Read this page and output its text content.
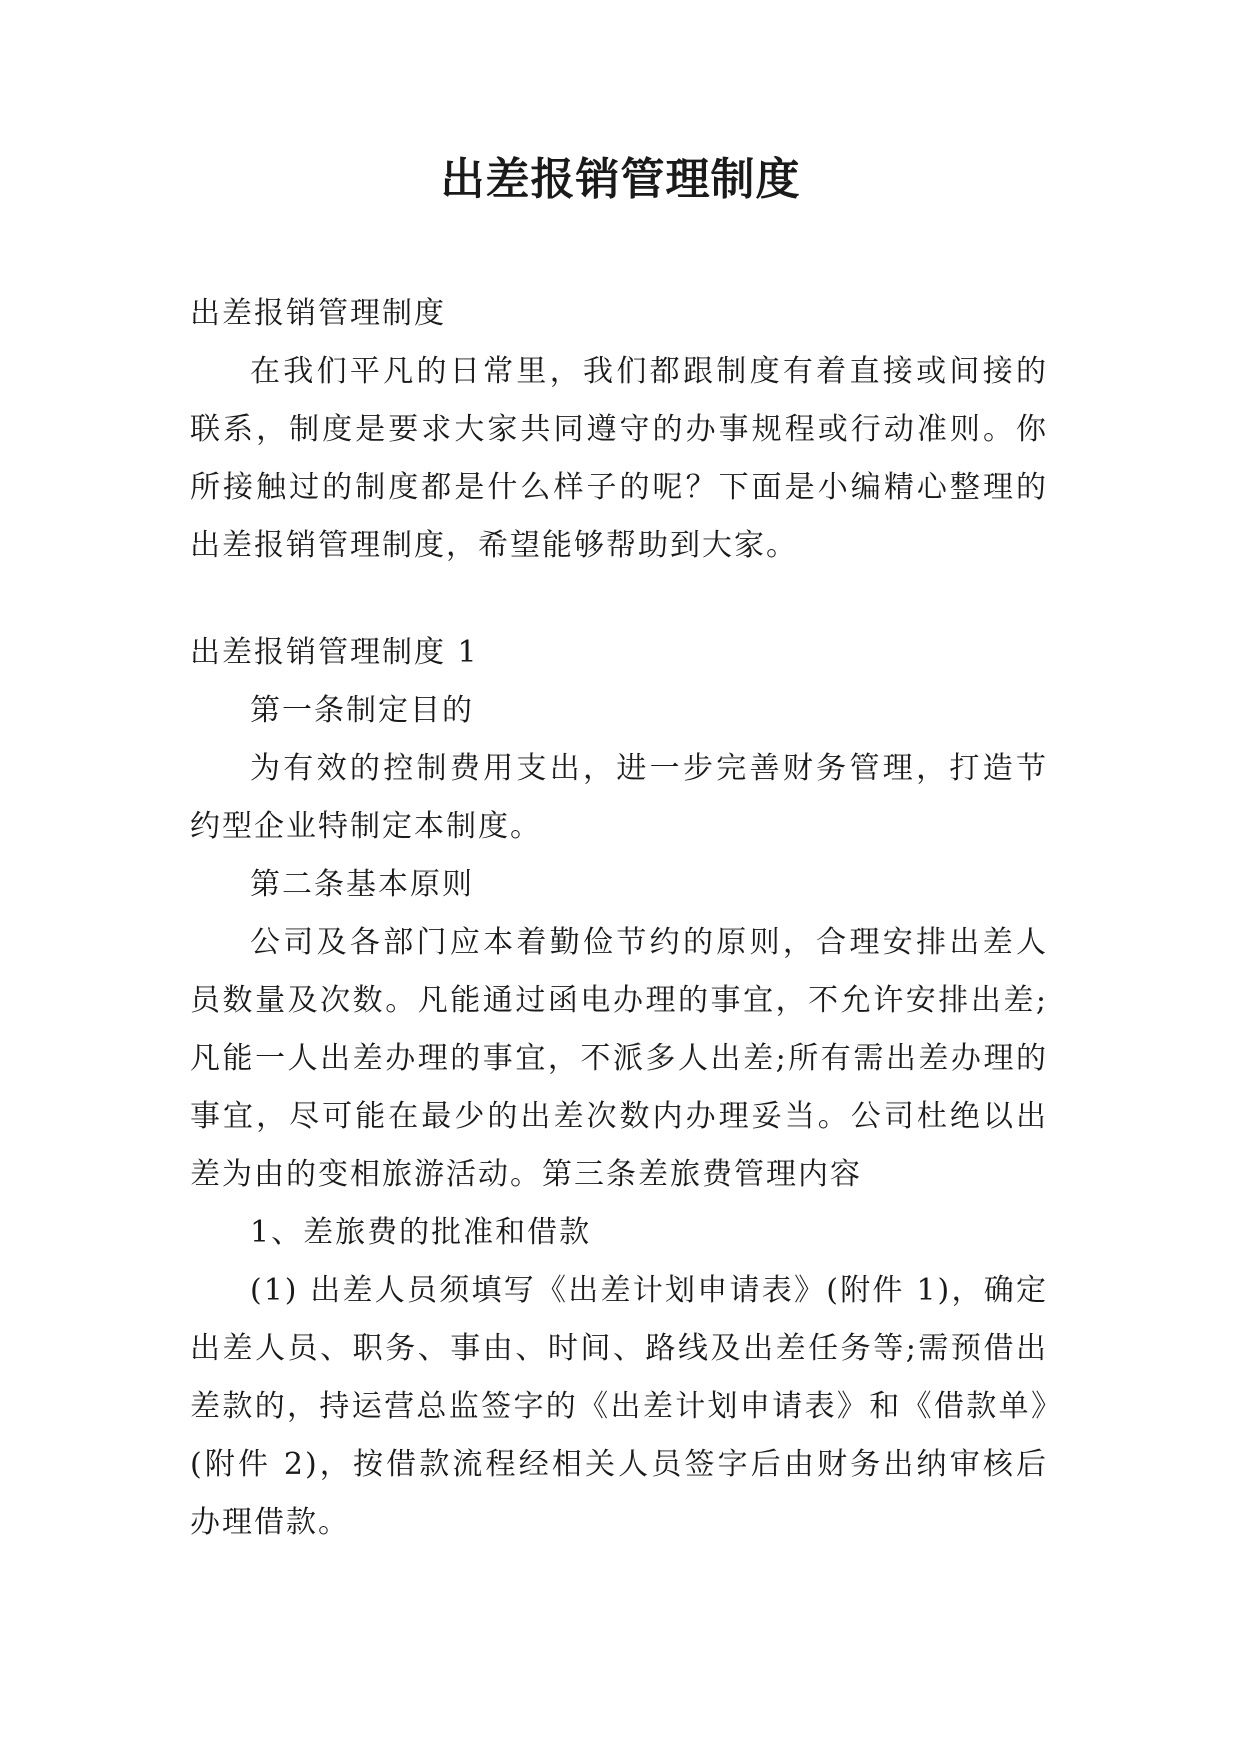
出差报销管理制度

出差报销管理制度

在我们平凡的日常里，我们都跟制度有着直接或间接的联系，制度是要求大家共同遵守的办事规程或行动准则。你所接触过的制度都是什么样子的呢？下面是小编精心整理的出差报销管理制度，希望能够帮助到大家。

出差报销管理制度 1

第一条制定目的

为有效的控制费用支出，进一步完善财务管理，打造节约型企业特制定本制度。

第二条基本原则

公司及各部门应本着勤俭节约的原则，合理安排出差人员数量及次数。凡能通过函电办理的事宜，不允许安排出差;凡能一人出差办理的事宜，不派多人出差;所有需出差办理的事宜，尽可能在最少的出差次数内办理妥当。公司杜绝以出差为由的变相旅游活动。第三条差旅费管理内容

1、差旅费的批准和借款

(1) 出差人员须填写《出差计划申请表》(附件 1)，确定出差人员、职务、事由、时间、路线及出差任务等;需预借出差款的，持运营总监签字的《出差计划申请表》和《借款单》(附件 2)，按借款流程经相关人员签字后由财务出纳审核后办理借款。
